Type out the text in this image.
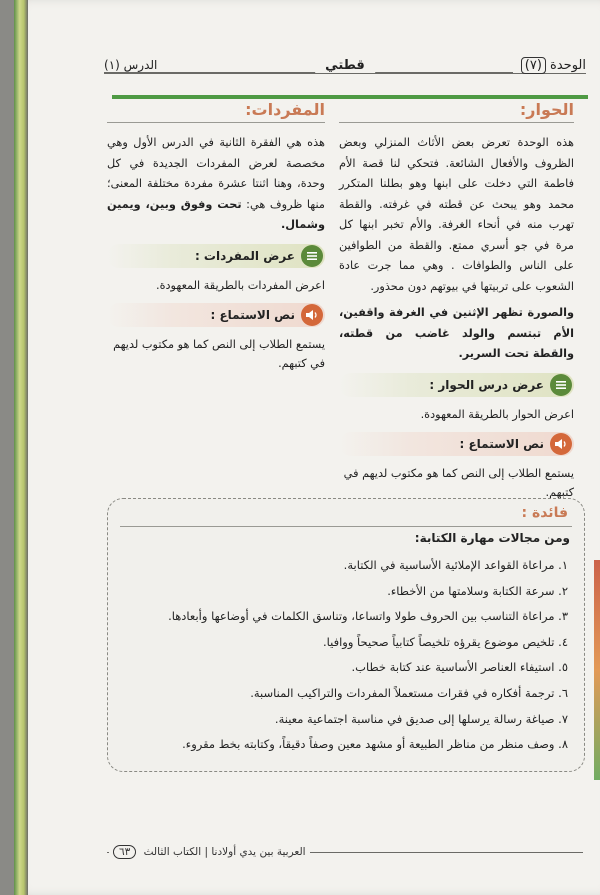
الوحدة (٧)
قطتي
الدرس (١)
الحوار:

هذه الوحدة تعرض بعض الأثاث المنزلي وبعض الظروف والأفعال الشائعة. فتحكي لنا قصة الأم فاطمة التي دخلت على ابنها وهو بطلنا المتكرر محمد وهو يبحث عن قطته في غرفته. والقطة تهرب منه في أنحاء الغرفة. والأم تخبر ابنها كل مرة في جو أسري ممتع. والقطة من الطوافين على الناس والطوافات . وهي مما جرت عادة الشعوب على تربيتها في بيوتهم دون محذور.

والصورة تظهر الإثنين في الغرفة واقفين، الأم تبتسم والولد غاضب من قطته، والقطة تحت السرير.

عرض درس الحوار :

اعرض الحوار بالطريقة المعهودة.

نص الاستماع :

يستمع الطلاب إلى النص كما هو مكتوب لديهم في كتبهم.

المفردات:

هذه هي الفقرة الثانية في الدرس الأول وهي مخصصة لعرض المفردات الجديدة في كل وحدة، وهنا اثنتا عشرة مفردة مختلفة المعنى؛ منها ظروف هي: تحت وفوق وبين، ويمين وشمال.

عرض المفردات :

اعرض المفردات بالطريقة المعهودة.

نص الاستماع :

يستمع الطلاب إلى النص كما هو مكتوب لديهم في كتبهم.

فائدة :
ومن مجالات مهارة الكتابة:
١. مراعاة القواعد الإملائية الأساسية في الكتابة.
٢. سرعة الكتابة وسلامتها من الأخطاء.
٣. مراعاة التناسب بين الحروف طولا واتساعا، وتناسق الكلمات في أوضاعها وأبعادها.
٤. تلخيص موضوع يقرؤه تلخيصاً كتابياً صحيحاً ووافيا.
٥. استيفاء العناصر الأساسية عند كتابة خطاب.
٦. ترجمة أفكاره في فقرات مستعملاً المفردات والتراكيب المناسبة.
٧. صياغة رسالة يرسلها إلى صديق في مناسبة اجتماعية معينة.
٨. وصف منظر من مناظر الطبيعة أو مشهد معين وصفاً دقيقاً، وكتابته بخط مقروء.
العربية بين يدي أولادنا | الكتاب الثالث ٦٣
